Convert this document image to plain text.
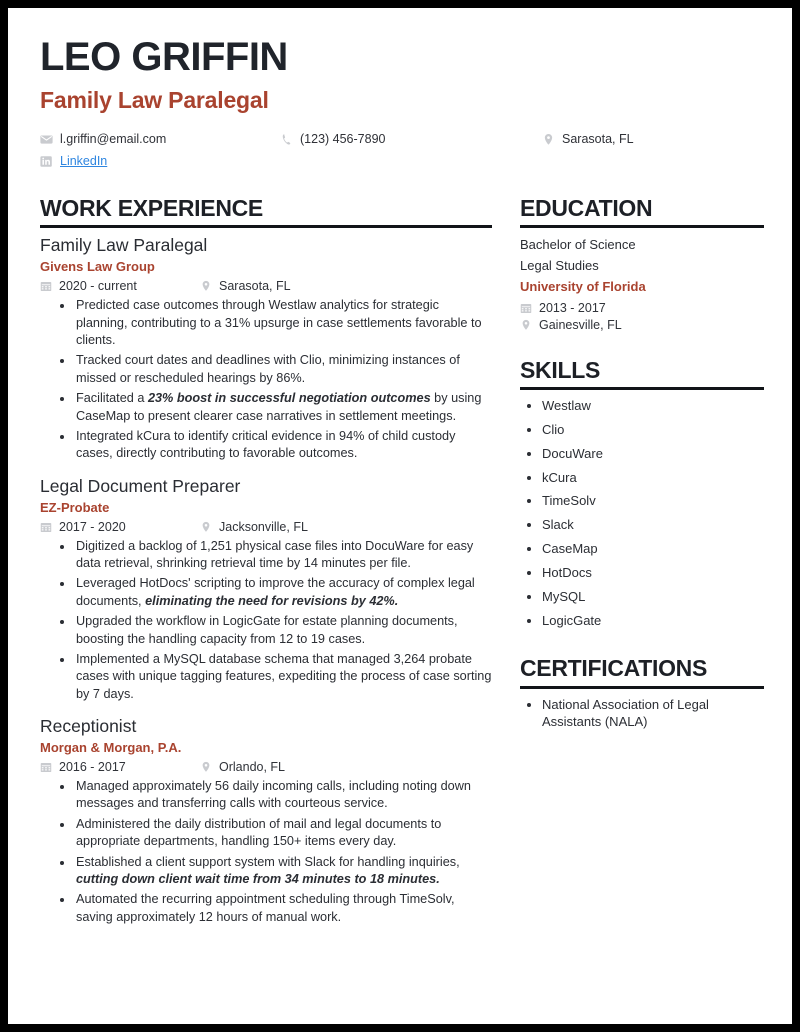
LEO GRIFFIN
Family Law Paralegal
l.griffin@email.com	(123) 456-7890	Sarasota, FL
LinkedIn
WORK EXPERIENCE
Family Law Paralegal
Givens Law Group
2020 - current	Sarasota, FL
• Predicted case outcomes through Westlaw analytics for strategic planning, contributing to a 31% upsurge in case settlements favorable to clients.
• Tracked court dates and deadlines with Clio, minimizing instances of missed or rescheduled hearings by 86%.
• Facilitated a 23% boost in successful negotiation outcomes by using CaseMap to present clearer case narratives in settlement meetings.
• Integrated kCura to identify critical evidence in 94% of child custody cases, directly contributing to favorable outcomes.
Legal Document Preparer
EZ-Probate
2017 - 2020	Jacksonville, FL
• Digitized a backlog of 1,251 physical case files into DocuWare for easy data retrieval, shrinking retrieval time by 14 minutes per file.
• Leveraged HotDocs' scripting to improve the accuracy of complex legal documents, eliminating the need for revisions by 42%.
• Upgraded the workflow in LogicGate for estate planning documents, boosting the handling capacity from 12 to 19 cases.
• Implemented a MySQL database schema that managed 3,264 probate cases with unique tagging features, expediting the process of case sorting by 7 days.
Receptionist
Morgan & Morgan, P.A.
2016 - 2017	Orlando, FL
• Managed approximately 56 daily incoming calls, including noting down messages and transferring calls with courteous service.
• Administered the daily distribution of mail and legal documents to appropriate departments, handling 150+ items every day.
• Established a client support system with Slack for handling inquiries, cutting down client wait time from 34 minutes to 18 minutes.
• Automated the recurring appointment scheduling through TimeSolv, saving approximately 12 hours of manual work.
EDUCATION
Bachelor of Science
Legal Studies
University of Florida
2013 - 2017
Gainesville, FL
SKILLS
• Westlaw
• Clio
• DocuWare
• kCura
• TimeSolv
• Slack
• CaseMap
• HotDocs
• MySQL
• LogicGate
CERTIFICATIONS
• National Association of Legal Assistants (NALA)
